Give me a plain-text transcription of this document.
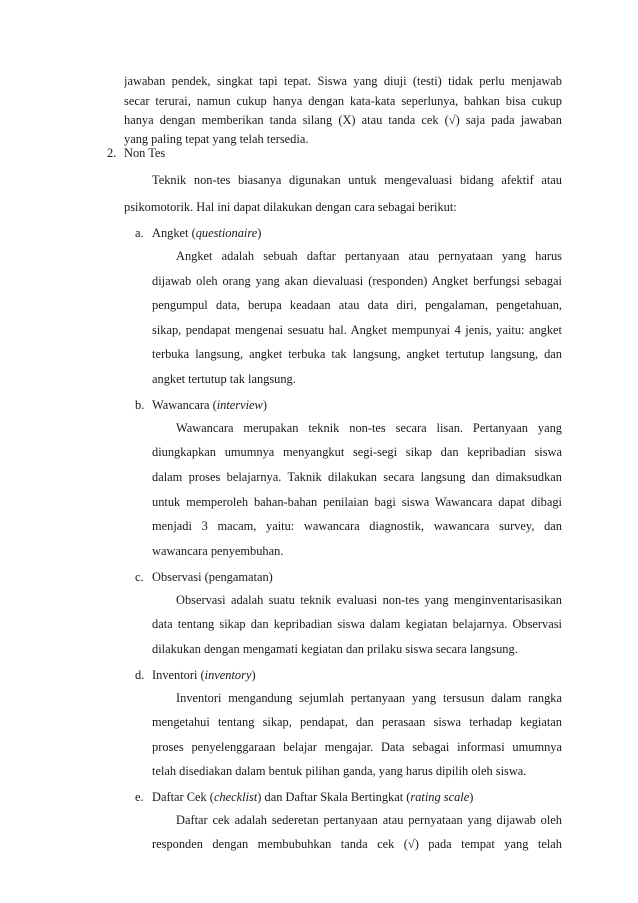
jawaban pendek, singkat tapi tepat. Siswa yang diuji (testi) tidak perlu menjawab
secar terurai, namun cukup hanya dengan kata-kata seperlunya, bahkan bisa cukup
hanya dengan memberikan tanda silang (X) atau tanda cek (√) saja pada jawaban
yang paling tepat yang telah tersedia.
2. Non Tes
Teknik non-tes biasanya digunakan untuk mengevaluasi bidang afektif atau
psikomotorik. Hal ini dapat dilakukan dengan cara sebagai berikut:
a. Angket (questionaire)
Angket adalah sebuah daftar pertanyaan atau pernyataan yang harus
dijawab oleh orang yang akan dievaluasi (responden) Angket berfungsi sebagai
pengumpul data, berupa keadaan atau data diri, pengalaman, pengetahuan,
sikap, pendapat mengenai sesuatu hal. Angket mempunyai 4 jenis, yaitu: angket
terbuka langsung, angket terbuka tak langsung, angket tertutup langsung, dan
angket tertutup tak langsung.
b. Wawancara (interview)
Wawancara merupakan teknik non-tes secara lisan. Pertanyaan yang
diungkapkan umumnya menyangkut segi-segi sikap dan kepribadian siswa
dalam proses belajarnya. Taknik dilakukan secara langsung dan dimaksudkan
untuk memperoleh bahan-bahan penilaian bagi siswa Wawancara dapat dibagi
menjadi 3 macam, yaitu: wawancara diagnostik, wawancara survey, dan
wawancara penyembuhan.
c. Observasi (pengamatan)
Observasi adalah suatu teknik evaluasi non-tes yang menginventarisasikan
data tentang sikap dan kepribadian siswa dalam kegiatan belajarnya. Observasi
dilakukan dengan mengamati kegiatan dan prilaku siswa secara langsung.
d. Inventori (inventory)
Inventori mengandung sejumlah pertanyaan yang tersusun dalam rangka
mengetahui tentang sikap, pendapat, dan perasaan siswa terhadap kegiatan
proses penyelenggaraan belajar mengajar. Data sebagai informasi umumnya
telah disediakan dalam bentuk pilihan ganda, yang harus dipilih oleh siswa.
e. Daftar Cek (checklist) dan Daftar Skala Bertingkat (rating scale)
Daftar cek adalah sederetan pertanyaan atau pernyataan yang dijawab oleh
responden dengan membubuhkan tanda cek (√) pada tempat yang telah
